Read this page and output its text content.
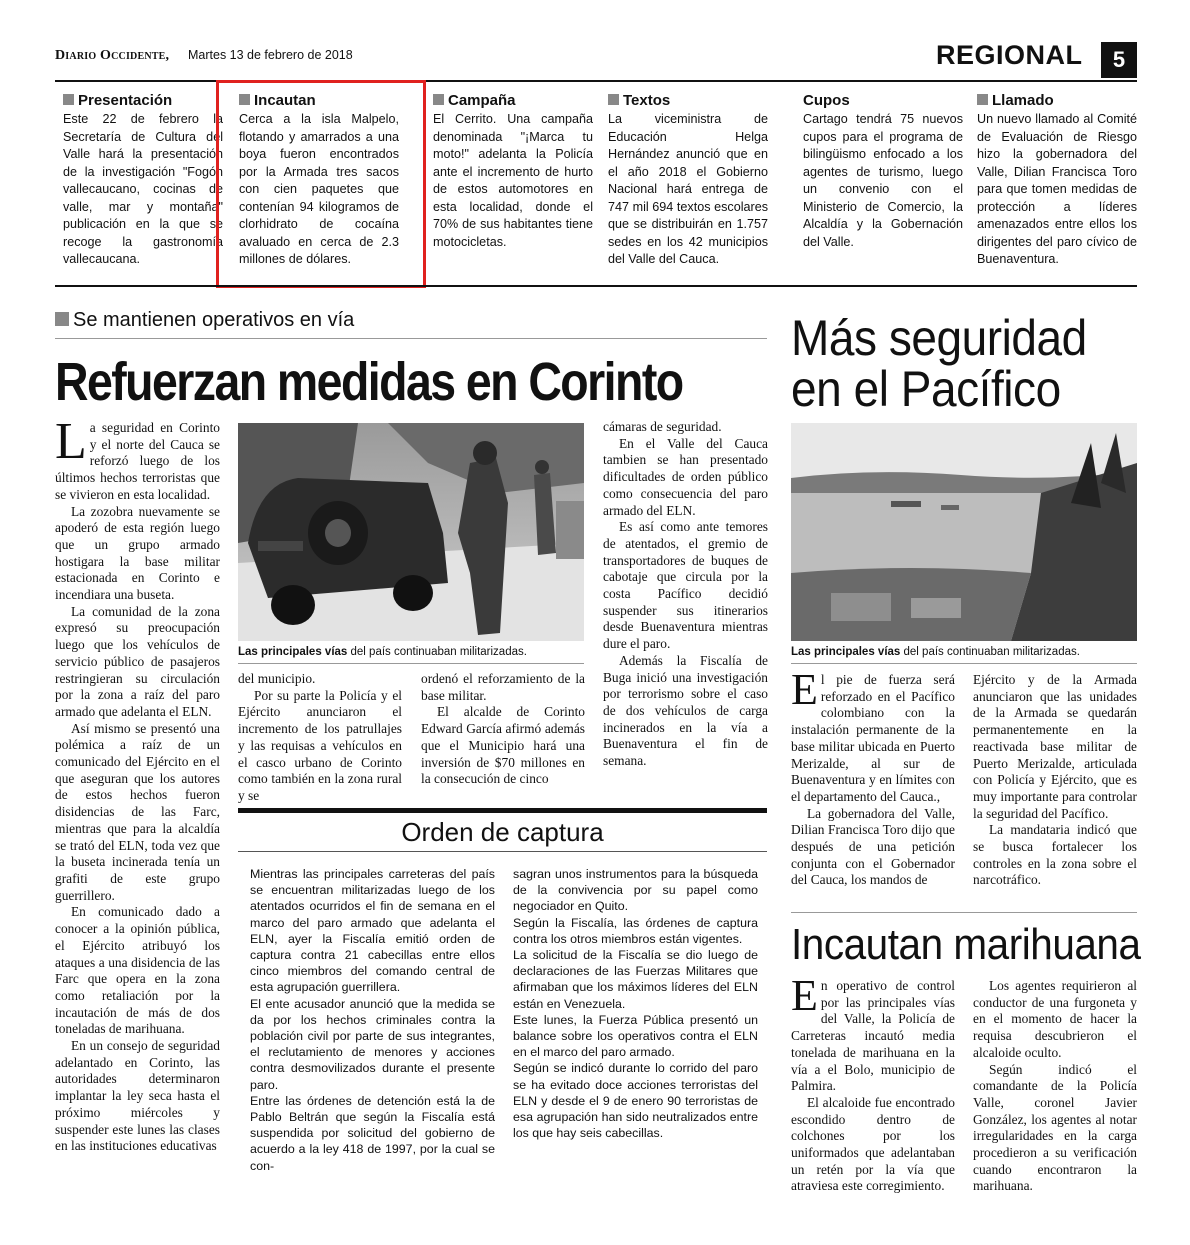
Diario Occidente, Martes 13 de febrero de 2018	REGIONAL	5
Presentación
Este 22 de febrero la Secretaría de Cultura del Valle hará la presentación de la investigación "Fogón vallecaucano, cocinas de valle, mar y montaña" publicación en la que se recoge la gastronomía vallecaucana.
Incautan
Cerca a la isla Malpelo, flotando y amarrados a una boya fueron encontrados por la Armada tres sacos con cien paquetes que contenían 94 kilogramos de clorhidrato de cocaína avaluado en cerca de 2.3 millones de dólares.
Campaña
El Cerrito. Una campaña denominada "¡Marca tu moto!" adelanta la Policía ante el incremento de hurto de estos automotores en esta localidad, donde el 70% de sus habitantes tiene motocicletas.
Textos
La viceministra de Educación Helga Hernández anunció que en el año 2018 el Gobierno Nacional hará entrega de 747 mil 694 textos escolares que se distribuirán en 1.757 sedes en los 42 municipios del Valle del Cauca.
Cupos
Cartago tendrá 75 nuevos cupos para el programa de bilingüismo enfocado a los agentes de turismo, luego un convenio con el Ministerio de Comercio, la Alcaldía y la Gobernación del Valle.
Llamado
Un nuevo llamado al Comité de Evaluación de Riesgo hizo la gobernadora del Valle, Dilian Francisca Toro para que tomen medidas de protección a líderes amenazados entre ellos los dirigentes del paro cívico de Buenaventura.
Se mantienen operativos en vía
Refuerzan medidas en Corinto

La seguridad en Corinto y el norte del Cauca se reforzó luego de los últimos hechos terroristas que se vivieron en esta localidad.

La zozobra nuevamente se apoderó de esta región luego que un grupo armado hostigara la base militar estacionada en Corinto e incendiara una buseta.

La comunidad de la zona expresó su preocupación luego que los vehículos de servicio público de pasajeros restringieran su circulación por la zona a raíz del paro armado que adelanta el ELN.

Así mismo se presentó una polémica a raíz de un comunicado del Ejército en el que aseguran que los autores de estos hechos fueron disidencias de las Farc, mientras que para la alcaldía se trató del ELN, toda vez que la buseta incinerada tenía un grafiti de este grupo guerrillero.

En comunicado dado a conocer a la opinión pública, el Ejército atribuyó los ataques a una disidencia de las Farc que opera en la zona como retaliación por la incautación de más de dos toneladas de marihuana.

En un consejo de seguridad adelantado en Corinto, las autoridades determinaron implantar la ley seca hasta el próximo miércoles y suspender este lunes las clases en las instituciones educativas

Las principales vías del país continuaban militarizadas.

del municipio.

Por su parte la Policía y el Ejército anunciaron el incremento de los patrullajes y las requisas a vehículos en el casco urbano de Corinto como también en la zona rural y se

ordenó el reforzamiento de la base militar.

El alcalde de Corinto Edward García afirmó además que el Municipio hará una inversión de $70 millones en la consecución de cinco

cámaras de seguridad.

En el Valle del Cauca tambien se han presentado dificultades de orden público como consecuencia del paro armado del ELN.

Es así como ante temores de atentados, el gremio de transportadores de buques de cabotaje que circula por la costa Pacífico decidió suspender sus itinerarios desde Buenaventura mientras dure el paro.

Además la Fiscalía de Buga inició una investigación por terrorismo sobre el caso de dos vehículos de carga incinerados en la vía a Buenaventura el fin de semana.

Orden de captura
Mientras las principales carreteras del país se encuentran militarizadas luego de los atentados ocurridos el fin de semana en el marco del paro armado que adelanta el ELN, ayer la Fiscalía emitió orden de captura contra 21 cabecillas entre ellos cinco miembros del comando central de esta agrupación guerrillera.
El ente acusador anunció que la medida se da por los hechos criminales contra la población civil por parte de sus integrantes, el reclutamiento de menores y acciones contra desmovilizados durante el presente paro.
Entre las órdenes de detención está la de Pablo Beltrán que según la Fiscalía está suspendida por solicitud del gobierno de acuerdo a la ley 418 de 1997, por la cual se con-
sagran unos instrumentos para la búsqueda de la convivencia por su papel como negociador en Quito.
Según la Fiscalía, las órdenes de captura contra los otros miembros están vigentes.
La solicitud de la Fiscalía se dio luego de declaraciones de las Fuerzas Militares que afirmaban que los máximos líderes del ELN están en Venezuela.
Este lunes, la Fuerza Pública presentó un balance sobre los operativos contra el ELN en el marco del paro armado.
Según se indicó durante lo corrido del paro se ha evitado doce acciones terroristas del ELN y desde el 9 de enero 90 terroristas de esa agrupación han sido neutralizados entre los que hay seis cabecillas.
Más seguridad
en el Pacífico
Las principales vías del país continuaban militarizadas.

El pie de fuerza será reforzado en el Pacífico colombiano con la instalación permanente de la base militar ubicada en Puerto Merizalde, al sur de Buenaventura y en límites con el departamento del Cauca.,

La gobernadora del Valle, Dilian Francisca Toro dijo que después de una petición conjunta con el Gobernador del Cauca, los mandos de

Ejército y de la Armada anunciaron que las unidades de la Armada se quedarán permanentemente en la reactivada base militar de Puerto Merizalde, articulada con Policía y Ejército, que es muy importante para controlar la seguridad del Pacífico.

La mandataria indicó que se busca fortalecer los controles en la zona sobre el narcotráfico.

Incautan marihuana

En operativo de control por las principales vías del Valle, la Policía de Carreteras incautó media tonelada de marihuana en la vía a el Bolo, municipio de Palmira.

El alcaloide fue encontrado escondido dentro de colchones por los uniformados que adelantaban un retén por la vía que atraviesa este corregimiento.

Los agentes requirieron al conductor de una furgoneta y en el momento de hacer la requisa descubrieron el alcaloide oculto.

Según indicó el comandante de la Policía Valle, coronel Javier González, los agentes al notar irregularidades en la carga procedieron a su verificación cuando encontraron la marihuana.
